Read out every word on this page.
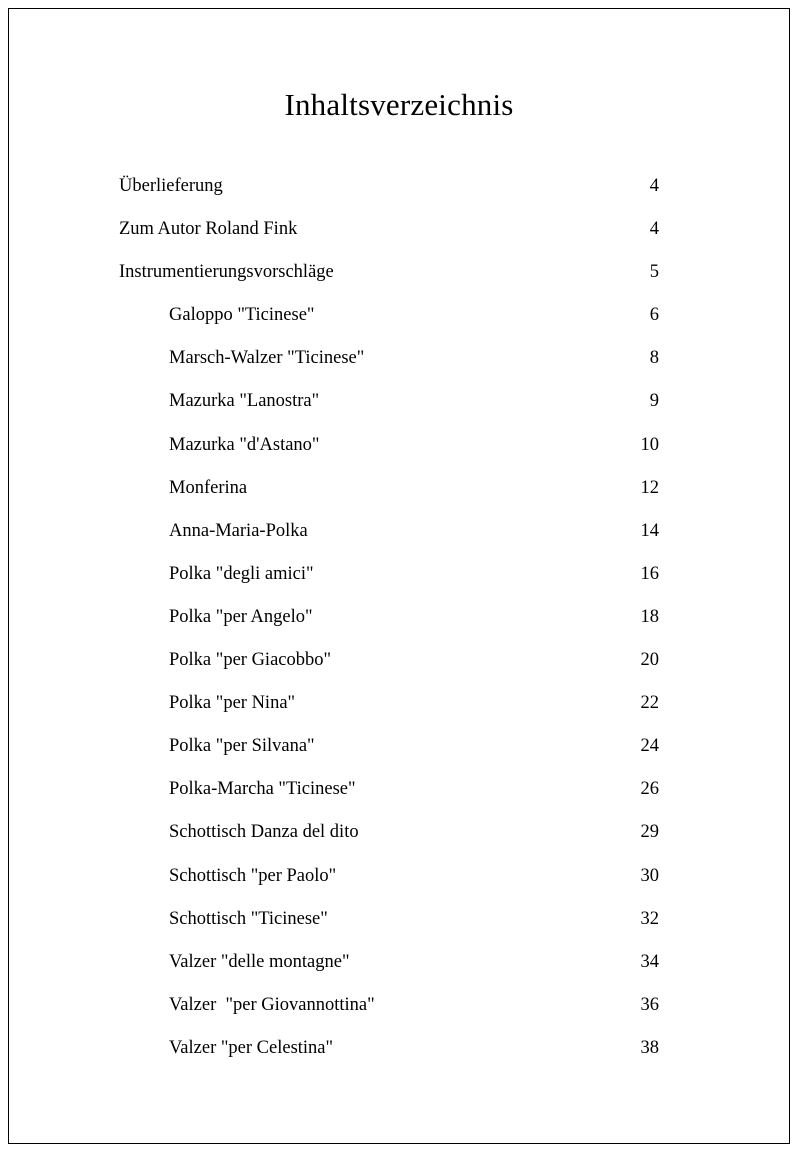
Inhaltsverzeichnis
Überlieferung	4
Zum Autor Roland Fink	4
Instrumentierungsvorschläge	5
Galoppo "Ticinese"	6
Marsch-Walzer "Ticinese"	8
Mazurka "Lanostra"	9
Mazurka "d'Astano"	10
Monferina	12
Anna-Maria-Polka	14
Polka "degli amici"	16
Polka "per Angelo"	18
Polka "per Giacobbo"	20
Polka "per Nina"	22
Polka "per Silvana"	24
Polka-Marcha "Ticinese"	26
Schottisch Danza del dito	29
Schottisch "per Paolo"	30
Schottisch "Ticinese"	32
Valzer "delle montagne"	34
Valzer  "per Giovannottina"	36
Valzer "per Celestina"	38
